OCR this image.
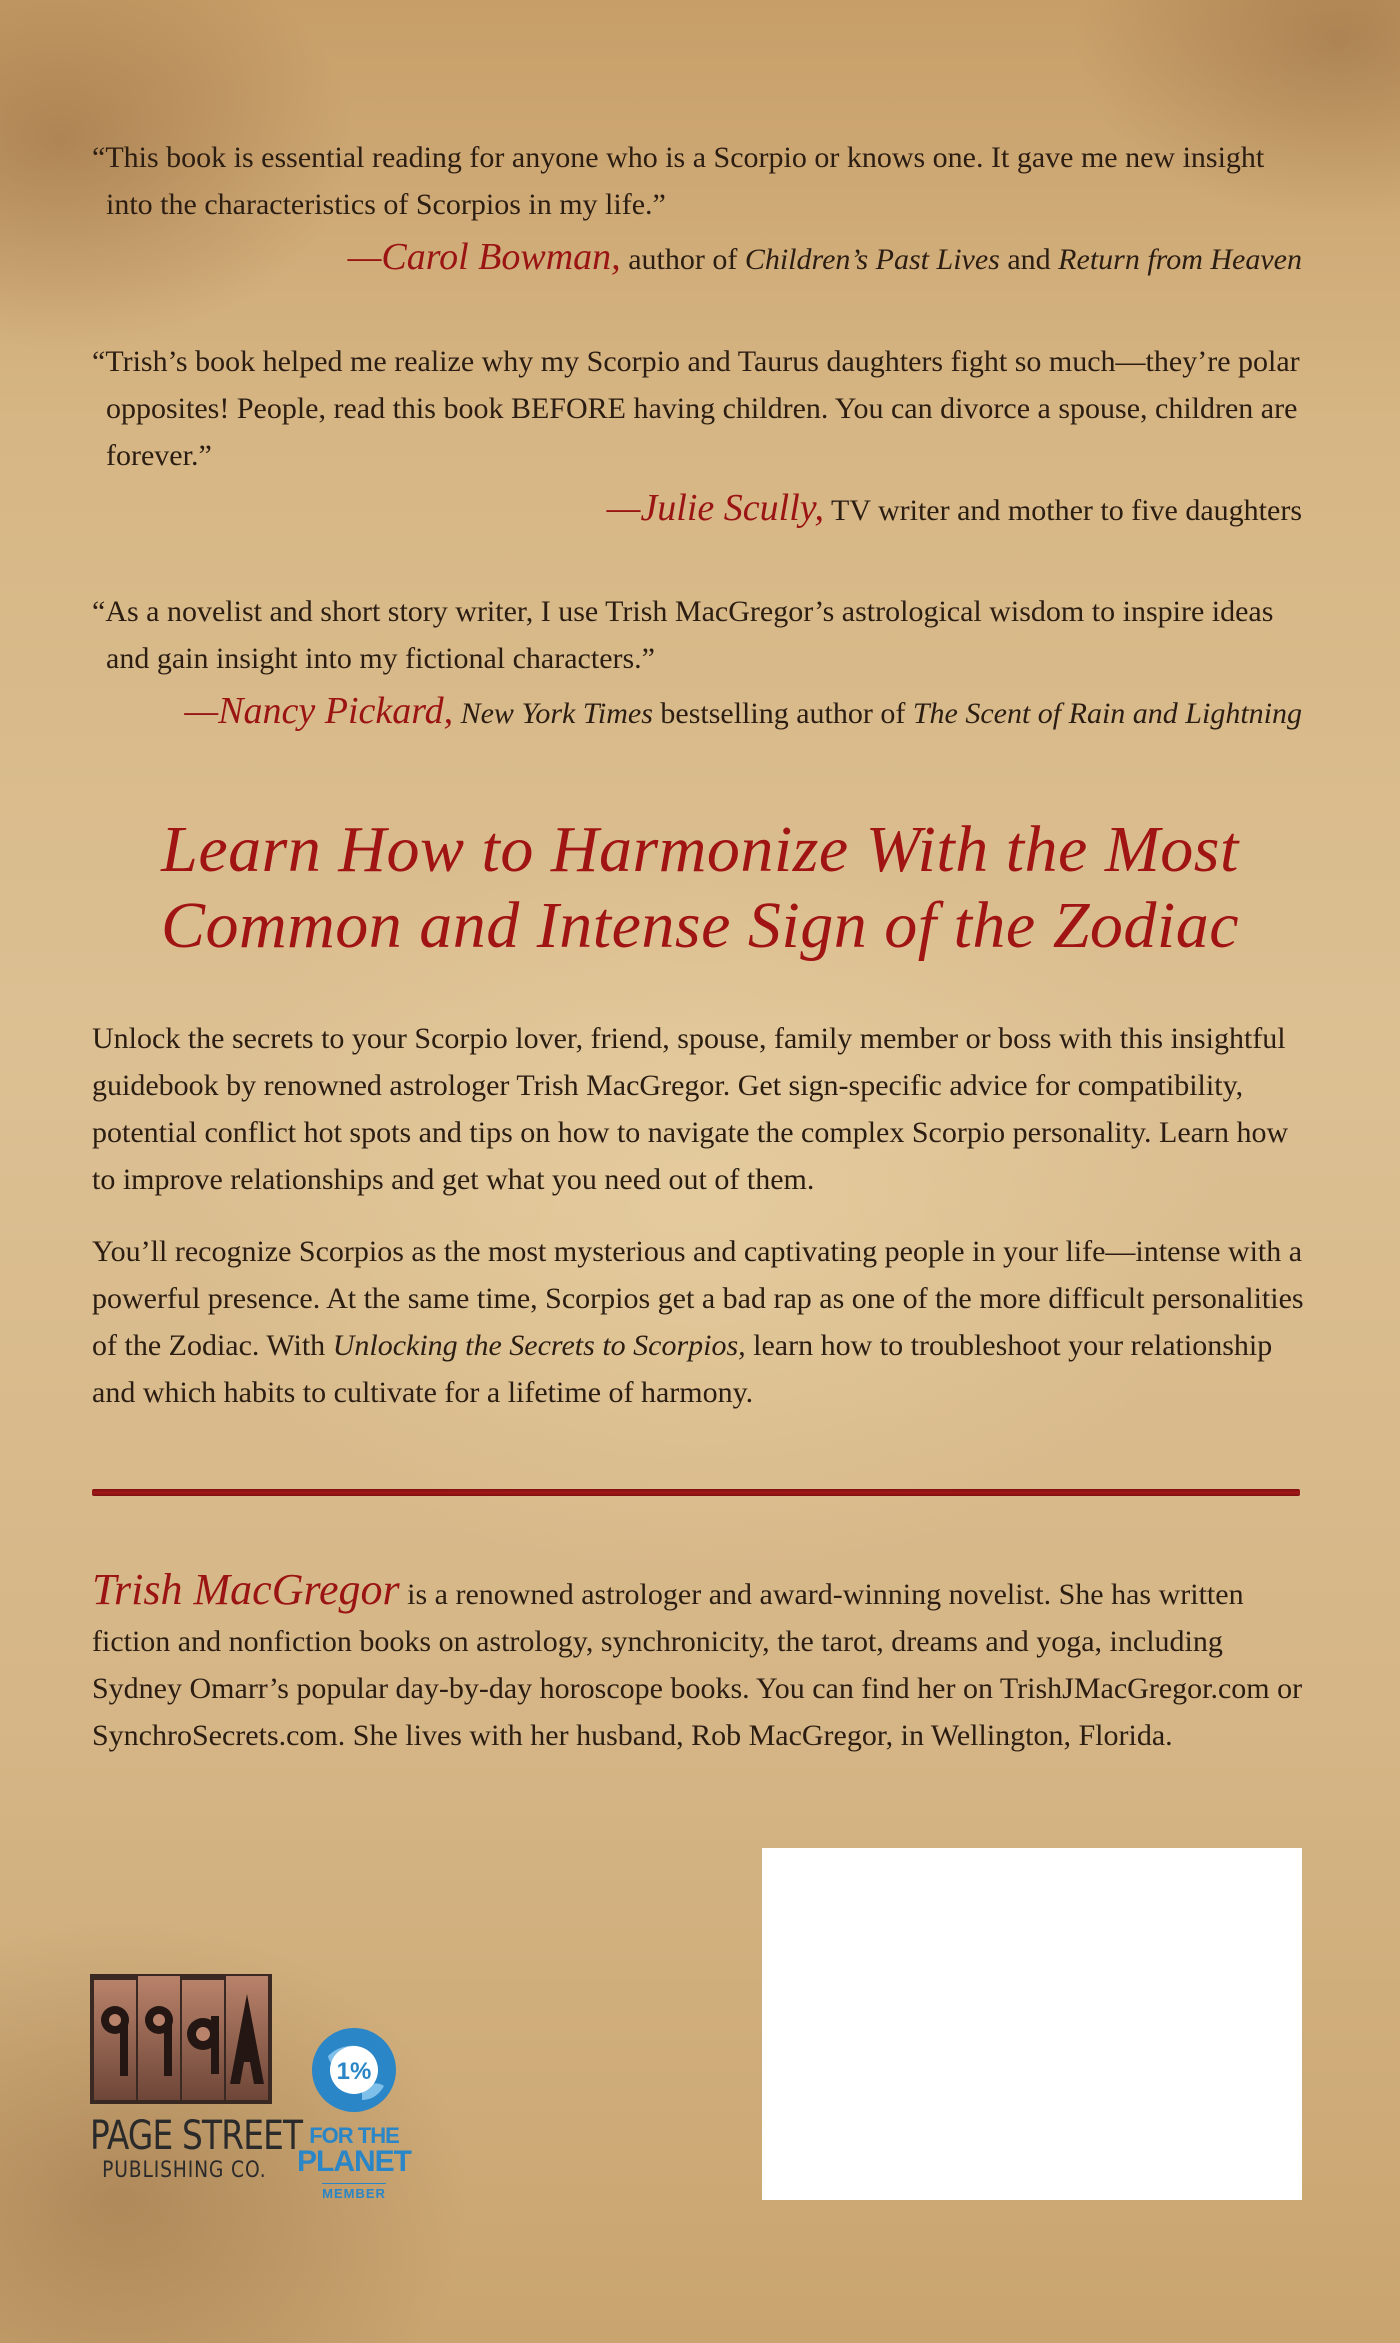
“This book is essential reading for anyone who is a Scorpio or knows one. It gave me new insight into the characteristics of Scorpios in my life.”

—Carol Bowman, author of Children’s Past Lives and Return from Heaven

“Trish’s book helped me realize why my Scorpio and Taurus daughters fight so much—they’re polar opposites! People, read this book BEFORE having children. You can divorce a spouse, children are forever.”

—Julie Scully, TV writer and mother to five daughters

“As a novelist and short story writer, I use Trish MacGregor’s astrological wisdom to inspire ideas and gain insight into my fictional characters.”

—Nancy Pickard, New York Times bestselling author of The Scent of Rain and Lightning
Learn How to Harmonize With the Most Common and Intense Sign of the Zodiac

Unlock the secrets to your Scorpio lover, friend, spouse, family member or boss with this insightful guidebook by renowned astrologer Trish MacGregor. Get sign-specific advice for compatibility, potential conflict hot spots and tips on how to navigate the complex Scorpio personality. Learn how to improve relationships and get what you need out of them.

You’ll recognize Scorpios as the most mysterious and captivating people in your life—intense with a powerful presence. At the same time, Scorpios get a bad rap as one of the more difficult personalities of the Zodiac. With Unlocking the Secrets to Scorpios, learn how to troubleshoot your relationship and which habits to cultivate for a lifetime of harmony.

Trish MacGregor is a renowned astrologer and award-winning novelist. She has written fiction and nonfiction books on astrology, synchronicity, the tarot, dreams and yoga, including Sydney Omarr’s popular day-by-day horoscope books. You can find her on TrishJMacGregor.com or SynchroSecrets.com. She lives with her husband, Rob MacGregor, in Wellington, Florida.

PAGE STREET
PUBLISHING CO.
1%
FOR THE
PLANET
MEMBER
